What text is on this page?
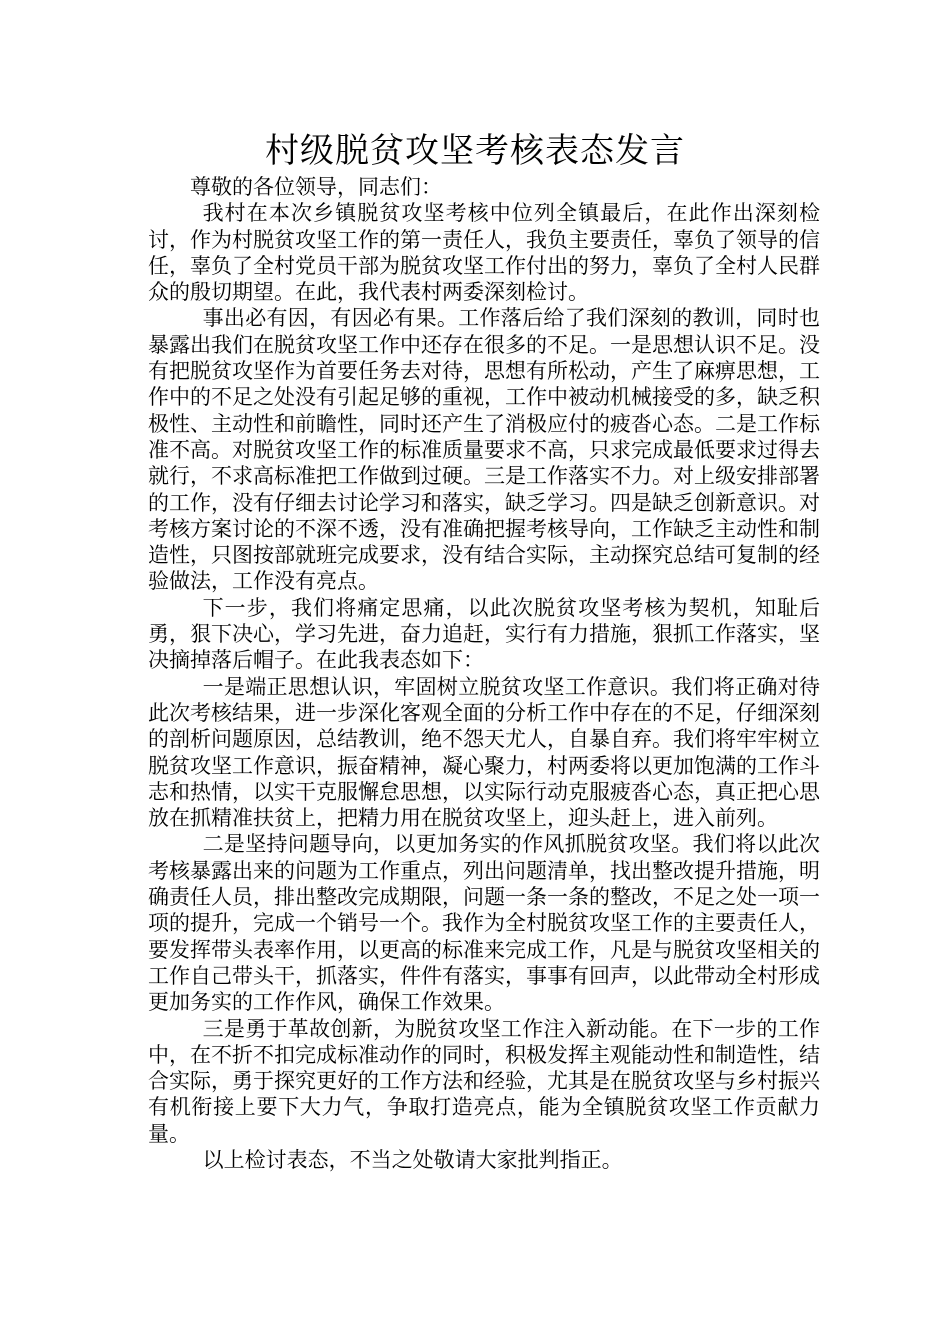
村级脱贫攻坚考核表态发言

尊敬的各位领导，同志们：

我村在本次乡镇脱贫攻坚考核中位列全镇最后，在此作出深刻检讨，作为村脱贫攻坚工作的第一责任人，我负主要责任，辜负了领导的信任，辜负了全村党员干部为脱贫攻坚工作付出的努力，辜负了全村人民群众的殷切期望。在此，我代表村两委深刻检讨。

事出必有因，有因必有果。工作落后给了我们深刻的教训，同时也暴露出我们在脱贫攻坚工作中还存在很多的不足。一是思想认识不足。没有把脱贫攻坚作为首要任务去对待，思想有所松动，产生了麻痹思想，工作中的不足之处没有引起足够的重视，工作中被动机械接受的多，缺乏积极性、主动性和前瞻性，同时还产生了消极应付的疲沓心态。二是工作标准不高。对脱贫攻坚工作的标准质量要求不高，只求完成最低要求过得去就行，不求高标准把工作做到过硬。三是工作落实不力。对上级安排部署的工作，没有仔细去讨论学习和落实，缺乏学习。四是缺乏创新意识。对考核方案讨论的不深不透，没有准确把握考核导向，工作缺乏主动性和制造性，只图按部就班完成要求，没有结合实际，主动探究总结可复制的经验做法，工作没有亮点。

下一步，我们将痛定思痛，以此次脱贫攻坚考核为契机，知耻后勇，狠下决心，学习先进，奋力追赶，实行有力措施，狠抓工作落实，坚决摘掉落后帽子。在此我表态如下：

一是端正思想认识，牢固树立脱贫攻坚工作意识。我们将正确对待此次考核结果，进一步深化客观全面的分析工作中存在的不足，仔细深刻的剖析问题原因，总结教训，绝不怨天尤人，自暴自弃。我们将牢牢树立脱贫攻坚工作意识，振奋精神，凝心聚力，村两委将以更加饱满的工作斗志和热情，以实干克服懈怠思想，以实际行动克服疲沓心态，真正把心思放在抓精准扶贫上，把精力用在脱贫攻坚上，迎头赶上，进入前列。

二是坚持问题导向，以更加务实的作风抓脱贫攻坚。我们将以此次考核暴露出来的问题为工作重点，列出问题清单，找出整改提升措施，明确责任人员，排出整改完成期限，问题一条一条的整改，不足之处一项一项的提升，完成一个销号一个。我作为全村脱贫攻坚工作的主要责任人，要发挥带头表率作用，以更高的标准来完成工作，凡是与脱贫攻坚相关的工作自己带头干，抓落实，件件有落实，事事有回声，以此带动全村形成更加务实的工作作风，确保工作效果。

三是勇于革故创新，为脱贫攻坚工作注入新动能。在下一步的工作中，在不折不扣完成标准动作的同时，积极发挥主观能动性和制造性，结合实际，勇于探究更好的工作方法和经验，尤其是在脱贫攻坚与乡村振兴有机衔接上要下大力气，争取打造亮点，能为全镇脱贫攻坚工作贡献力量。

以上检讨表态，不当之处敬请大家批判指正。
